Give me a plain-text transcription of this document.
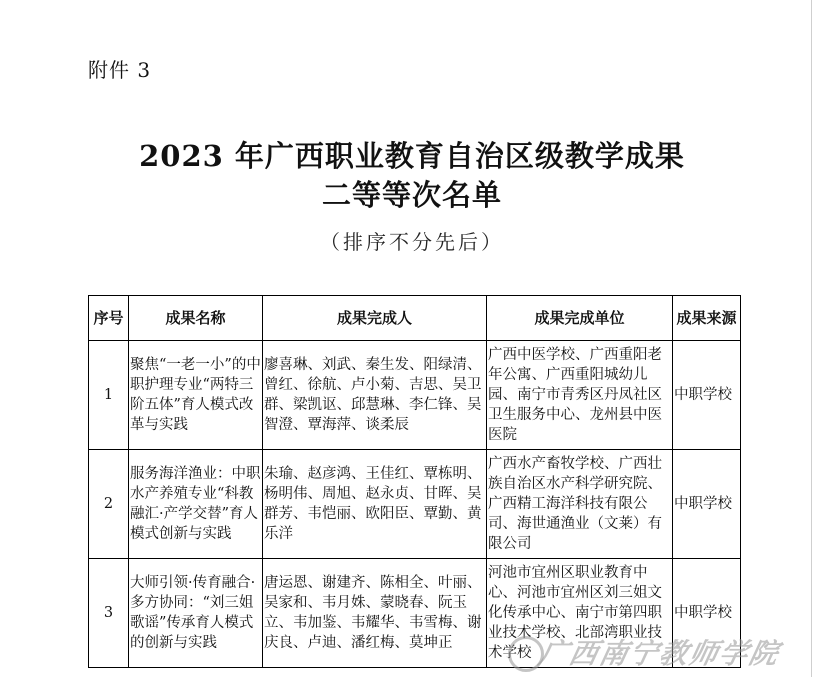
附件 3
2023 年广西职业教育自治区级教学成果
二等等次名单
（排序不分先后）
序号	成果名称	成果完成人	成果完成单位	成果来源
1	聚焦“一老一小”的中职护理专业“两特三阶五体”育人模式改革与实践	廖喜琳、刘武、秦生发、阳绿清、曾红、徐航、卢小菊、吉思、吴卫群、梁凯讴、邱慧琳、李仁锋、吴智澄、覃海萍、谈柔辰	广西中医学校、广西重阳老年公寓、广西重阳城幼儿园、南宁市青秀区丹凤社区卫生服务中心、龙州县中医医院	中职学校
2	服务海洋渔业：中职水产养殖专业“科教融汇·产学交替”育人模式创新与实践	朱瑜、赵彦鸿、王佳红、覃栋明、杨明伟、周旭、赵永贞、甘晖、吴群芳、韦恺丽、欧阳臣、覃勤、黄乐洋	广西水产畜牧学校、广西壮族自治区水产科学研究院、广西精工海洋科技有限公司、海世通渔业（文莱）有限公司	中职学校
3	大师引领·传育融合·多方协同：“刘三姐歌谣”传承育人模式的创新与实践	唐运恩、谢建齐、陈相全、叶丽、吴家和、韦月姝、蒙晓春、阮玉立、韦加鉴、韦耀华、韦雪梅、谢庆良、卢迪、潘红梅、莫坤正	河池市宜州区职业教育中心、河池市宜州区刘三姐文化传承中心、南宁市第四职业技术学校、北部湾职业技术学校	中职学校
广西南宁教师学院
